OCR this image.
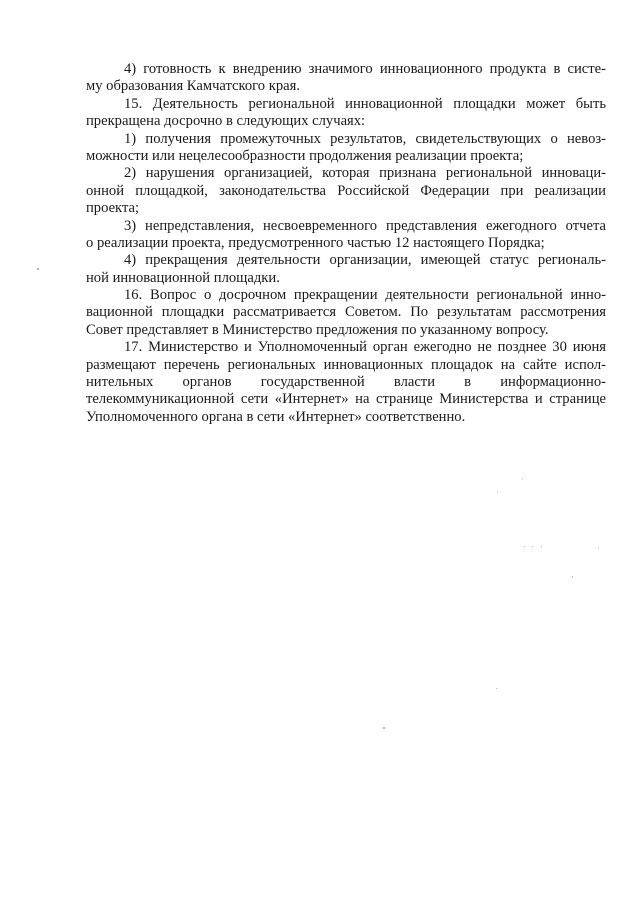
4) готовность к внедрению значимого инновационного продукта в систе-
му образования Камчатского края.
15. Деятельность региональной инновационной площадки может быть
прекращена досрочно в следующих случаях:
1) получения промежуточных результатов, свидетельствующих о невоз-
можности или нецелесообразности продолжения реализации проекта;
2) нарушения организацией, которая признана региональной инноваци-
онной площадкой, законодательства Российской Федерации при реализации
проекта;
3) непредставления, несвоевременного представления ежегодного отчета
о реализации проекта, предусмотренного частью 12 настоящего Порядка;
4) прекращения деятельности организации, имеющей статус региональ-
ной инновационной площадки.
16. Вопрос о досрочном прекращении деятельности региональной инно-
вационной площадки рассматривается Советом. По результатам рассмотрения
Совет представляет в Министерство предложения по указанному вопросу.
17. Министерство и Уполномоченный орган ежегодно не позднее 30 июня
размещают перечень региональных инновационных площадок на сайте испол-
нительных органов государственной власти в информационно-
телекоммуникационной сети «Интернет» на странице Министерства и странице
Уполномоченного органа в сети «Интернет» соответственно.
